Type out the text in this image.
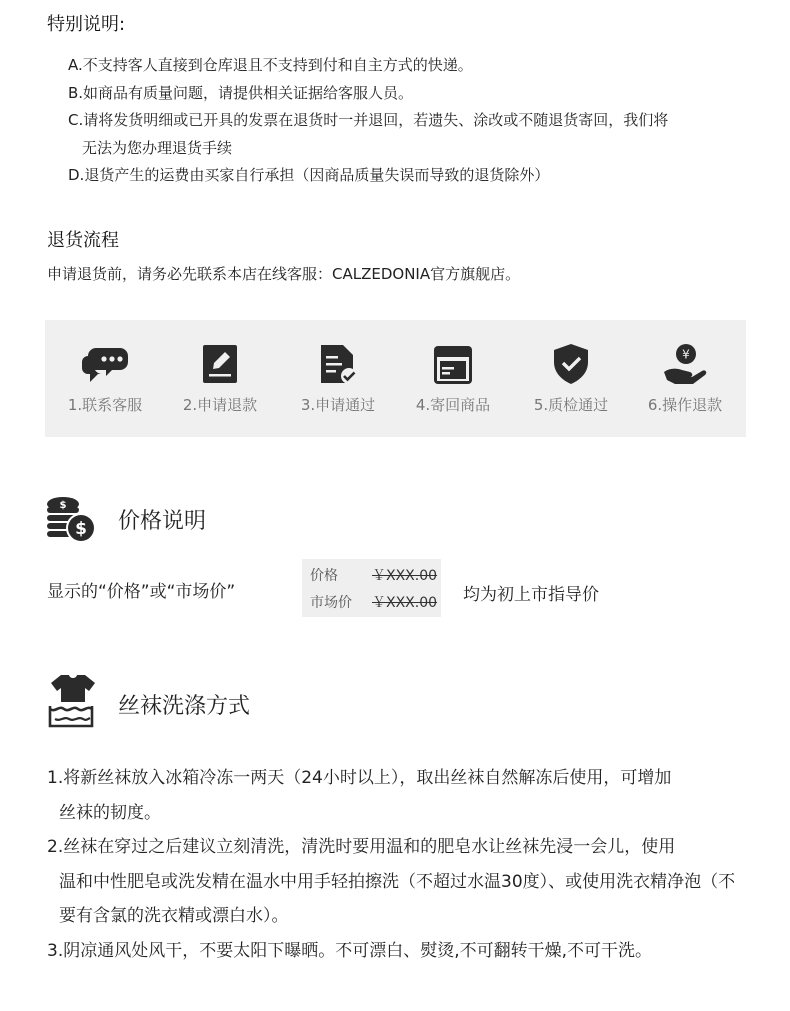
特别说明:
A.不支持客人直接到仓库退且不支持到付和自主方式的快递。
B.如商品有质量问题，请提供相关证据给客服人员。
C.请将发货明细或已开具的发票在退货时一并退回，若遗失、涂改或不随退货寄回，我们将
无法为您办理退货手续
D.退货产生的运费由买家自行承担（因商品质量失误而导致的退货除外）
退货流程
申请退货前，请务必先联系本店在线客服：CALZEDONIA官方旗舰店。
1.联系客服	2.申请退款	3.申请通过	4.寄回商品	5.质检通过
¥
6.操作退款
$
$ 价格说明
显示的“价格”或“市场价”
价格 ￥XXX.00
市场价 ￥XXX.00 均为初上市指导价
丝袜洗涤方式
1.将新丝袜放入冰箱冷冻一两天（24小时以上），取出丝袜自然解冻后使用，可增加
丝袜的韧度。
2.丝袜在穿过之后建议立刻清洗，清洗时要用温和的肥皂水让丝袜先浸一会儿，使用
温和中性肥皂或洗发精在温水中用手轻拍擦洗（不超过水温30度）、或使用洗衣精净泡（不要有含氯的洗衣精或漂白水）。
3.阴凉通风处风干，不要太阳下曝晒。不可漂白、熨烫,不可翻转干燥,不可干洗。
